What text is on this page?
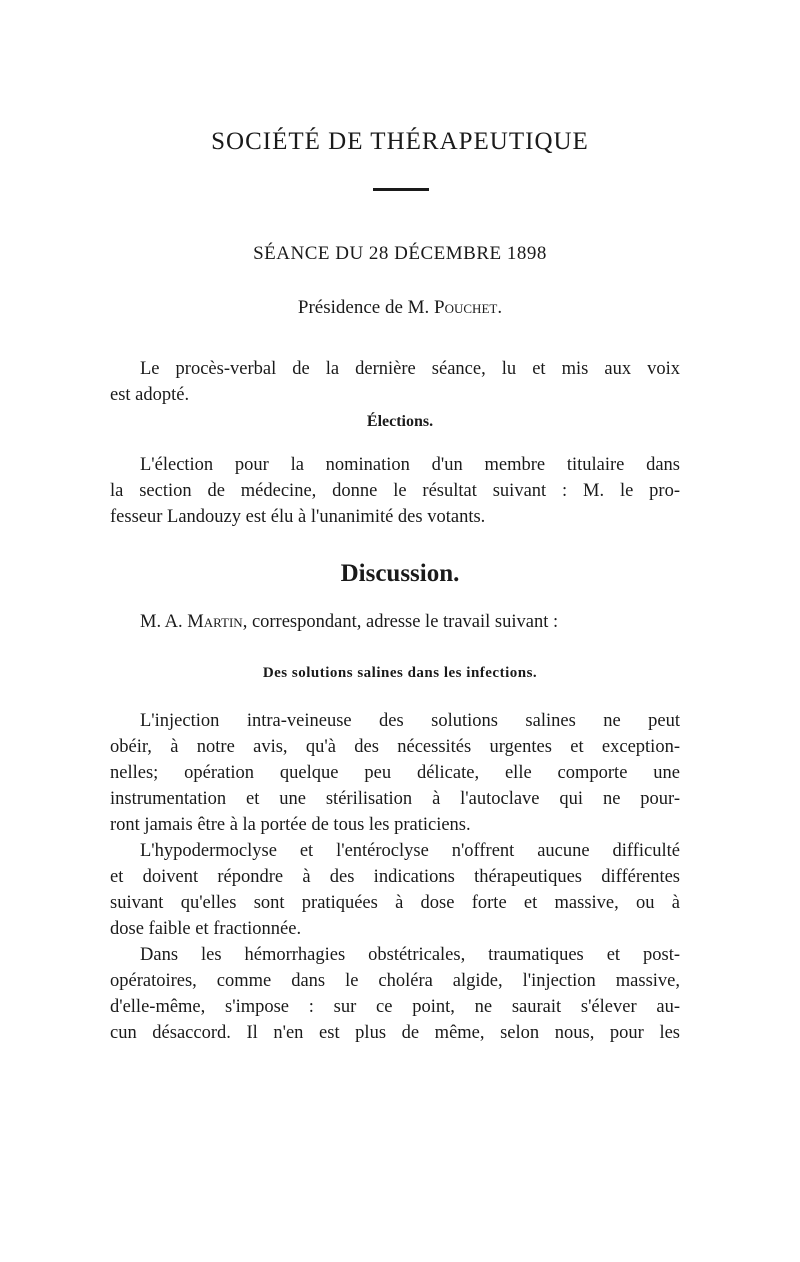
SOCIÉTÉ DE THÉRAPEUTIQUE
SÉANCE DU 28 DÉCEMBRE 1898
Présidence de M. Pouchet.
Le procès-verbal de la dernière séance, lu et mis aux voix
est adopté.
Élections.
L'élection pour la nomination d'un membre titulaire dans
la section de médecine, donne le résultat suivant : M. le pro-
fesseur Landouzy est élu à l'unanimité des votants.
Discussion.
M. A. Martin, correspondant, adresse le travail suivant :
Des solutions salines dans les infections.
L'injection intra-veineuse des solutions salines ne peut
obéir, à notre avis, qu'à des nécessités urgentes et exception-
nelles; opération quelque peu délicate, elle comporte une
instrumentation et une stérilisation à l'autoclave qui ne pour-
ront jamais être à la portée de tous les praticiens.
L'hypodermoclyse et l'entéroclyse n'offrent aucune difficulté
et doivent répondre à des indications thérapeutiques différentes
suivant qu'elles sont pratiquées à dose forte et massive, ou à
dose faible et fractionnée.
Dans les hémorrhagies obstétricales, traumatiques et post-
opératoires, comme dans le choléra algide, l'injection massive,
d'elle-même, s'impose : sur ce point, ne saurait s'élever au-
cun désaccord. Il n'en est plus de même, selon nous, pour les
